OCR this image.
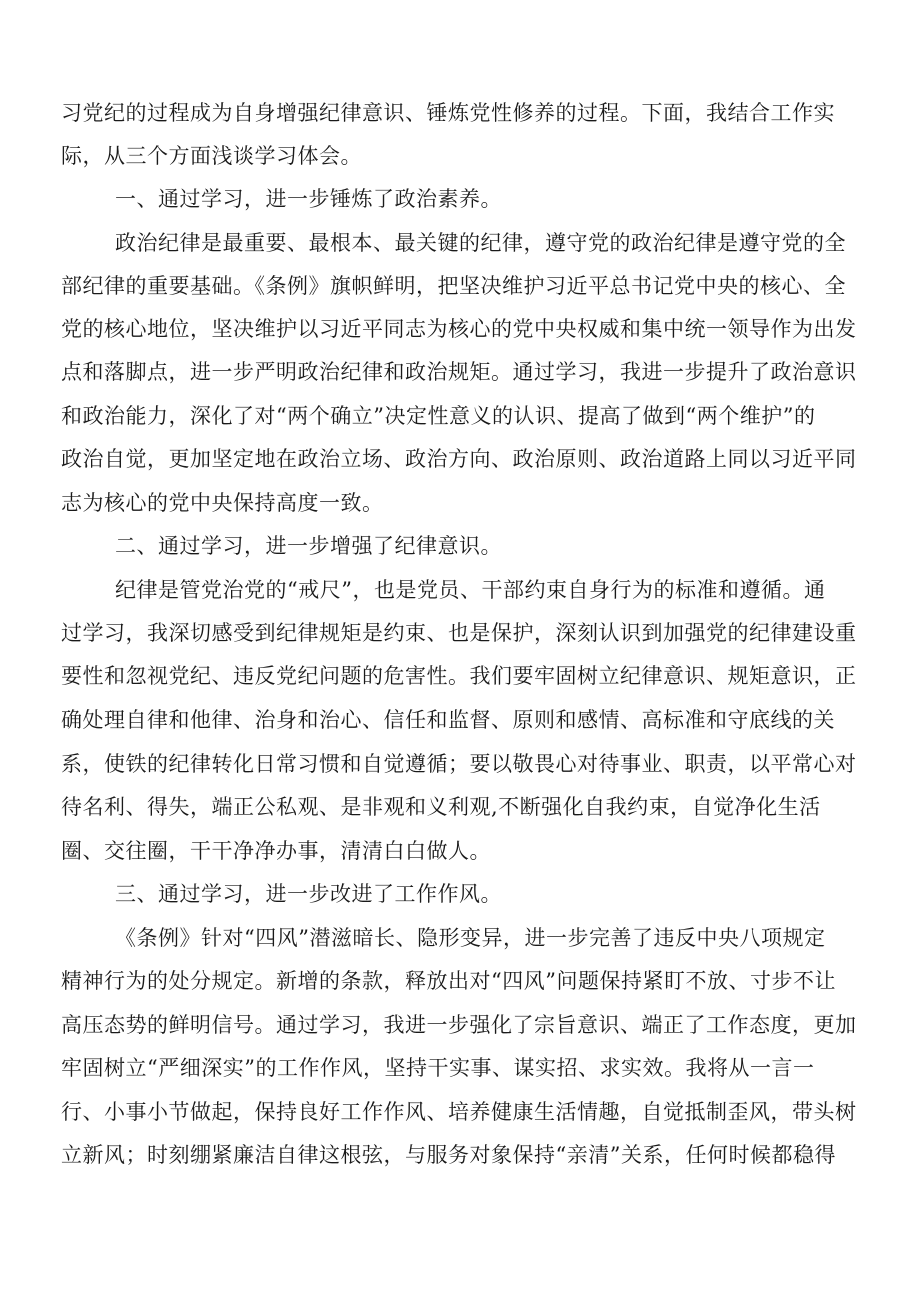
习党纪的过程成为自身增强纪律意识、锤炼党性修养的过程。下面，我结合工作实
际，从三个方面浅谈学习体会。
一、通过学习，进一步锤炼了政治素养。
政治纪律是最重要、最根本、最关键的纪律，遵守党的政治纪律是遵守党的全
部纪律的重要基础。《条例》旗帜鲜明，把坚决维护习近平总书记党中央的核心、全
党的核心地位，坚决维护以习近平同志为核心的党中央权威和集中统一领导作为出发
点和落脚点，进一步严明政治纪律和政治规矩。通过学习，我进一步提升了政治意识
和政治能力，深化了对“两个确立”决定性意义的认识、提高了做到“两个维护”的
政治自觉，更加坚定地在政治立场、政治方向、政治原则、政治道路上同以习近平同
志为核心的党中央保持高度一致。
二、通过学习，进一步增强了纪律意识。
纪律是管党治党的“戒尺”，也是党员、干部约束自身行为的标准和遵循。通
过学习，我深切感受到纪律规矩是约束、也是保护，深刻认识到加强党的纪律建设重
要性和忽视党纪、违反党纪问题的危害性。我们要牢固树立纪律意识、规矩意识，正
确处理自律和他律、治身和治心、信任和监督、原则和感情、高标准和守底线的关
系，使铁的纪律转化日常习惯和自觉遵循；要以敬畏心对待事业、职责，以平常心对
待名利、得失，端正公私观、是非观和义利观,不断强化自我约束，自觉净化生活
圈、交往圈，干干净净办事，清清白白做人。
三、通过学习，进一步改进了工作作风。
《条例》针对“四风”潜滋暗长、隐形变异，进一步完善了违反中央八项规定
精神行为的处分规定。新增的条款，释放出对“四风”问题保持紧盯不放、寸步不让
高压态势的鲜明信号。通过学习，我进一步强化了宗旨意识、端正了工作态度，更加
牢固树立“严细深实”的工作作风，坚持干实事、谋实招、求实效。我将从一言一
行、小事小节做起，保持良好工作作风、培养健康生活情趣，自觉抵制歪风，带头树
立新风；时刻绷紧廉洁自律这根弦，与服务对象保持“亲清”关系，任何时候都稳得
